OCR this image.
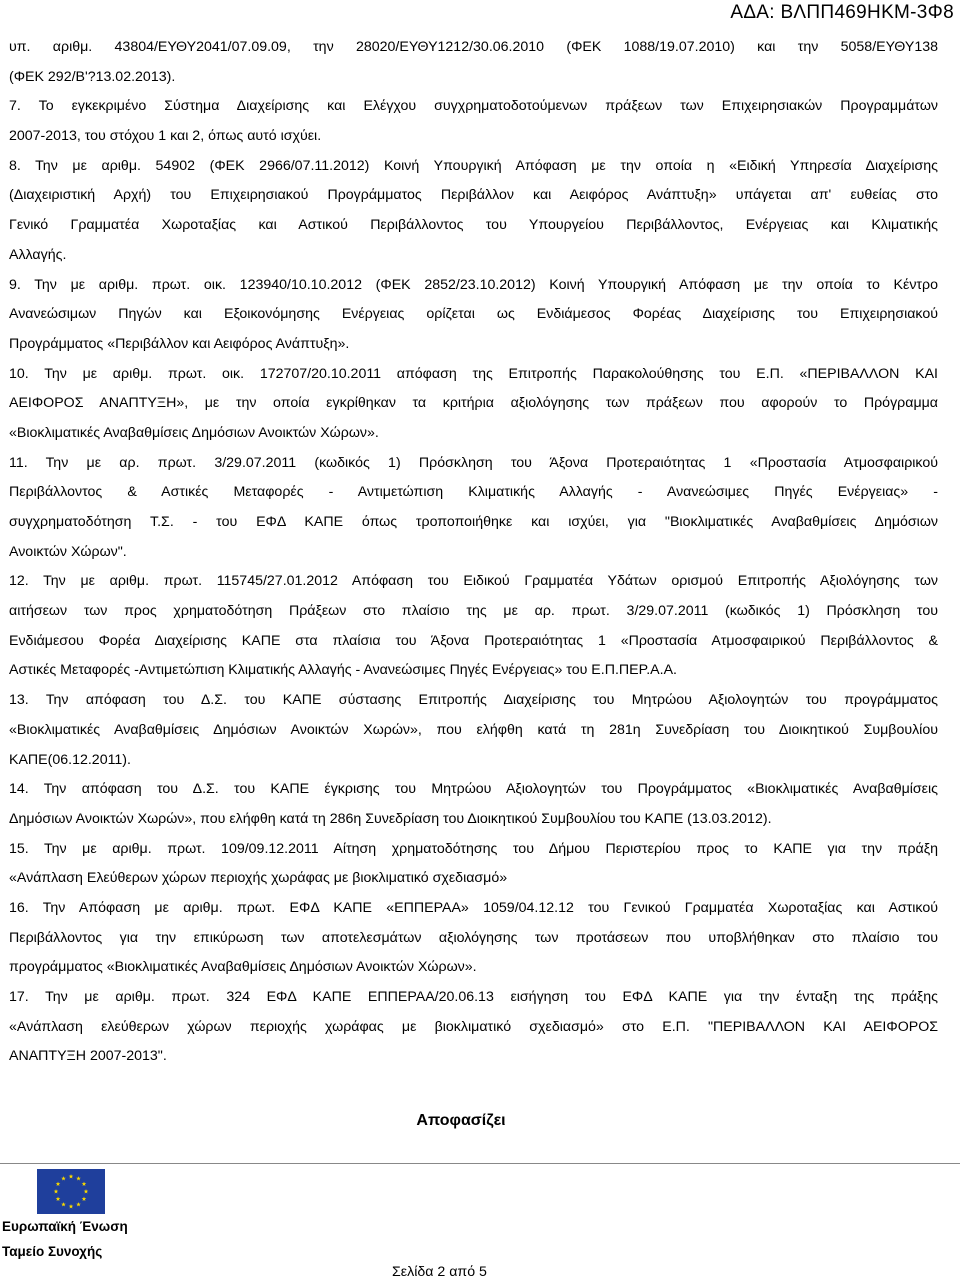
ΑΔΑ: ΒΛΠΠ469ΗΚΜ-3Φ8
υπ. αριθμ. 43804/ΕΥΘΥ2041/07.09.09, την 28020/ΕΥΘΥ1212/30.06.2010 (ΦΕΚ 1088/19.07.2010) και την 5058/ΕΥΘΥ138
(ΦΕΚ 292/Β'?13.02.2013).
7. Το εγκεκριμένο Σύστημα Διαχείρισης και Ελέγχου συγχρηματοδοτούμενων πράξεων των Επιχειρησιακών Προγραμμάτων
2007-2013, του στόχου 1 και 2, όπως αυτό ισχύει.
8. Την με αριθμ. 54902 (ΦΕΚ 2966/07.11.2012) Κοινή Υπουργική Απόφαση με την οποία η «Ειδική Υπηρεσία Διαχείρισης
(Διαχειριστική Αρχή) του Επιχειρησιακού Προγράμματος Περιβάλλον και Αειφόρος Ανάπτυξη» υπάγεται απ' ευθείας στο
Γενικό Γραμματέα Χωροταξίας και Αστικού Περιβάλλοντος του Υπουργείου Περιβάλλοντος, Ενέργειας και Κλιματικής
Αλλαγής.
9. Την με αριθμ. πρωτ. οικ. 123940/10.10.2012 (ΦΕΚ 2852/23.10.2012) Κοινή Υπουργική Απόφαση με την οποία το Κέντρο
Ανανεώσιμων Πηγών και Εξοικονόμησης Ενέργειας ορίζεται ως Ενδιάμεσος Φορέας Διαχείρισης του Επιχειρησιακού
Προγράμματος «Περιβάλλον και Αειφόρος Ανάπτυξη».
10. Την με αριθμ. πρωτ. οικ. 172707/20.10.2011 απόφαση της Επιτροπής Παρακολούθησης του Ε.Π. «ΠΕΡΙΒΑΛΛΟΝ ΚΑΙ
ΑΕΙΦΟΡΟΣ ΑΝΑΠΤΥΞΗ», με την οποία εγκρίθηκαν τα κριτήρια αξιολόγησης των πράξεων που αφορούν το Πρόγραμμα
«Βιοκλιματικές Αναβαθμίσεις Δημόσιων Ανοικτών Χώρων».
11. Την με αρ. πρωτ. 3/29.07.2011 (κωδικός 1) Πρόσκληση του Άξονα Προτεραιότητας 1 «Προστασία Ατμοσφαιρικού
Περιβάλλοντος & Αστικές Μεταφορές - Αντιμετώπιση Κλιματικής Αλλαγής - Ανανεώσιμες Πηγές Ενέργειας» -
συγχρηματοδότηση Τ.Σ. - του ΕΦΔ ΚΑΠΕ όπως τροποποιήθηκε και ισχύει, για "Βιοκλιματικές Αναβαθμίσεις Δημόσιων
Ανοικτών Χώρων".
12. Την με αριθμ. πρωτ. 115745/27.01.2012 Απόφαση του Ειδικού Γραμματέα Υδάτων ορισμού Επιτροπής Αξιολόγησης των
αιτήσεων των προς χρηματοδότηση Πράξεων στο πλαίσιο της με αρ. πρωτ. 3/29.07.2011 (κωδικός 1) Πρόσκληση του
Ενδιάμεσου Φορέα Διαχείρισης ΚΑΠΕ στα πλαίσια του Άξονα Προτεραιότητας 1 «Προστασία Ατμοσφαιρικού Περιβάλλοντος &
Αστικές Μεταφορές -Αντιμετώπιση Κλιματικής Αλλαγής - Ανανεώσιμες Πηγές Ενέργειας» του Ε.Π.ΠΕΡ.Α.Α.
13. Την απόφαση του Δ.Σ. του ΚΑΠΕ σύστασης Επιτροπής Διαχείρισης του Μητρώου Αξιολογητών του προγράμματος
«Βιοκλιματικές Αναβαθμίσεις Δημόσιων Ανοικτών Χωρών», που ελήφθη κατά τη 281η Συνεδρίαση του Διοικητικού Συμβουλίου
ΚΑΠΕ(06.12.2011).
14. Την απόφαση του Δ.Σ. του ΚΑΠΕ έγκρισης του Μητρώου Αξιολογητών του Προγράμματος «Βιοκλιματικές Αναβαθμίσεις
Δημόσιων Ανοικτών Χωρών», που ελήφθη κατά τη 286η Συνεδρίαση του Διοικητικού Συμβουλίου του ΚΑΠΕ (13.03.2012).
15. Την με αριθμ. πρωτ. 109/09.12.2011 Αίτηση χρηματοδότησης του Δήμου Περιστερίου προς το ΚΑΠΕ για την πράξη
«Ανάπλαση Ελεύθερων χώρων περιοχής χωράφας με βιοκλιματικό σχεδιασμό»
16. Την Απόφαση με αριθμ. πρωτ. ΕΦΔ ΚΑΠΕ «ΕΠΠΕΡΑΑ» 1059/04.12.12 του Γενικού Γραμματέα Χωροταξίας και Αστικού
Περιβάλλοντος για την επικύρωση των αποτελεσμάτων αξιολόγησης των προτάσεων που υποβλήθηκαν στο πλαίσιο του
προγράμματος «Βιοκλιματικές Αναβαθμίσεις Δημόσιων Ανοικτών Χώρων».
17. Την με αριθμ. πρωτ. 324 ΕΦΔ ΚΑΠΕ ΕΠΠΕΡΑΑ/20.06.13 εισήγηση του ΕΦΔ ΚΑΠΕ για την ένταξη της πράξης
«Ανάπλαση ελεύθερων χώρων περιοχής χωράφας με βιοκλιματικό σχεδιασμό» στο Ε.Π. "ΠΕΡΙΒΑΛΛΟΝ ΚΑΙ ΑΕΙΦΟΡΟΣ
ΑΝΑΠΤΥΞΗ 2007-2013".
Αποφασίζει
Ευρωπαϊκή Ένωση
Ταμείο Συνοχής
Σελίδα 2 από 5
